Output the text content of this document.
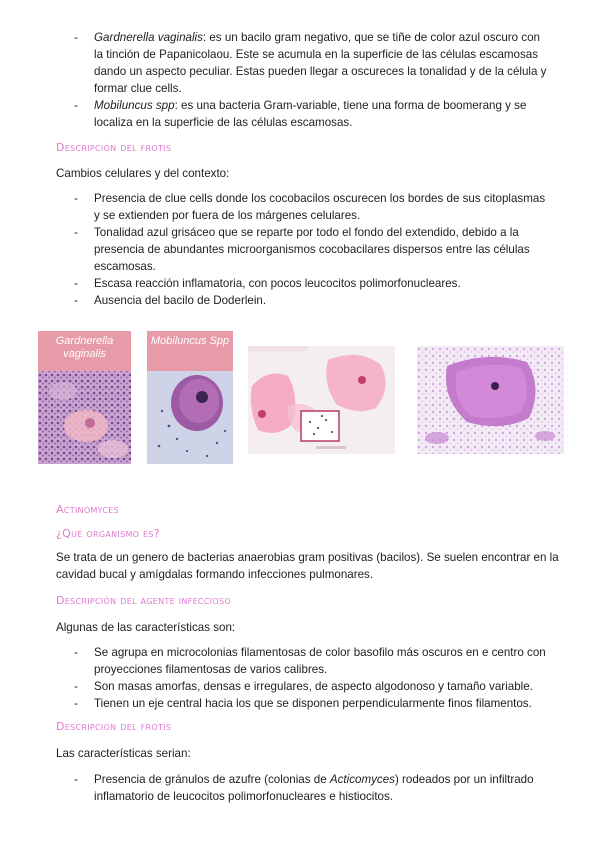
- Gardnerella vaginalis: es un bacilo gram negativo, que se tiñe de color azul oscuro con la tinción de Papanicolaou. Este se acumula en la superficie de las células escamosas dando un aspecto peculiar. Estas pueden llegar a oscureces la tonalidad y de la célula y formar clue cells.
- Mobiluncus spp: es una bacteria Gram-variable, tiene una forma de boomerang y se localiza en la superficie de las células escamosas.
Descripción del frotis
Cambios celulares y del contexto:
- Presencia de clue cells donde los cocobacilos oscurecen los bordes de sus citoplasmas y se extienden por fuera de los márgenes celulares.
- Tonalidad azul grisáceo que se reparte por todo el fondo del extendido, debido a la presencia de abundantes microorganismos cocobacilares dispersos entre las células escamosas.
- Escasa reacción inflamatoria, con pocos leucocitos polimorfonucleares.
- Ausencia del bacilo de Doderlein.
Gardnerella vaginalis
Mobiluncus Spp
Actinomyces
¿Qué organismo es?
Se trata de un genero de bacterias anaerobias gram positivas (bacilos). Se suelen encontrar en la cavidad bucal y amígdalas formando infecciones pulmonares.
Descripción del agente infeccioso
Algunas de las características son:
- Se agrupa en microcolonias filamentosas de color basofilo más oscuros en e centro con proyecciones filamentosas de varios calibres.
- Son masas amorfas, densas e irregulares, de aspecto algodonoso y tamaño variable.
- Tienen un eje central hacia los que se disponen perpendicularmente finos filamentos.
Descripción del frotis
Las características serian:
- Presencia de gránulos de azufre (colonias de Acticomyces) rodeados por un infiltrado inflamatorio de leucocitos polimorfonucleares e histiocitos.
